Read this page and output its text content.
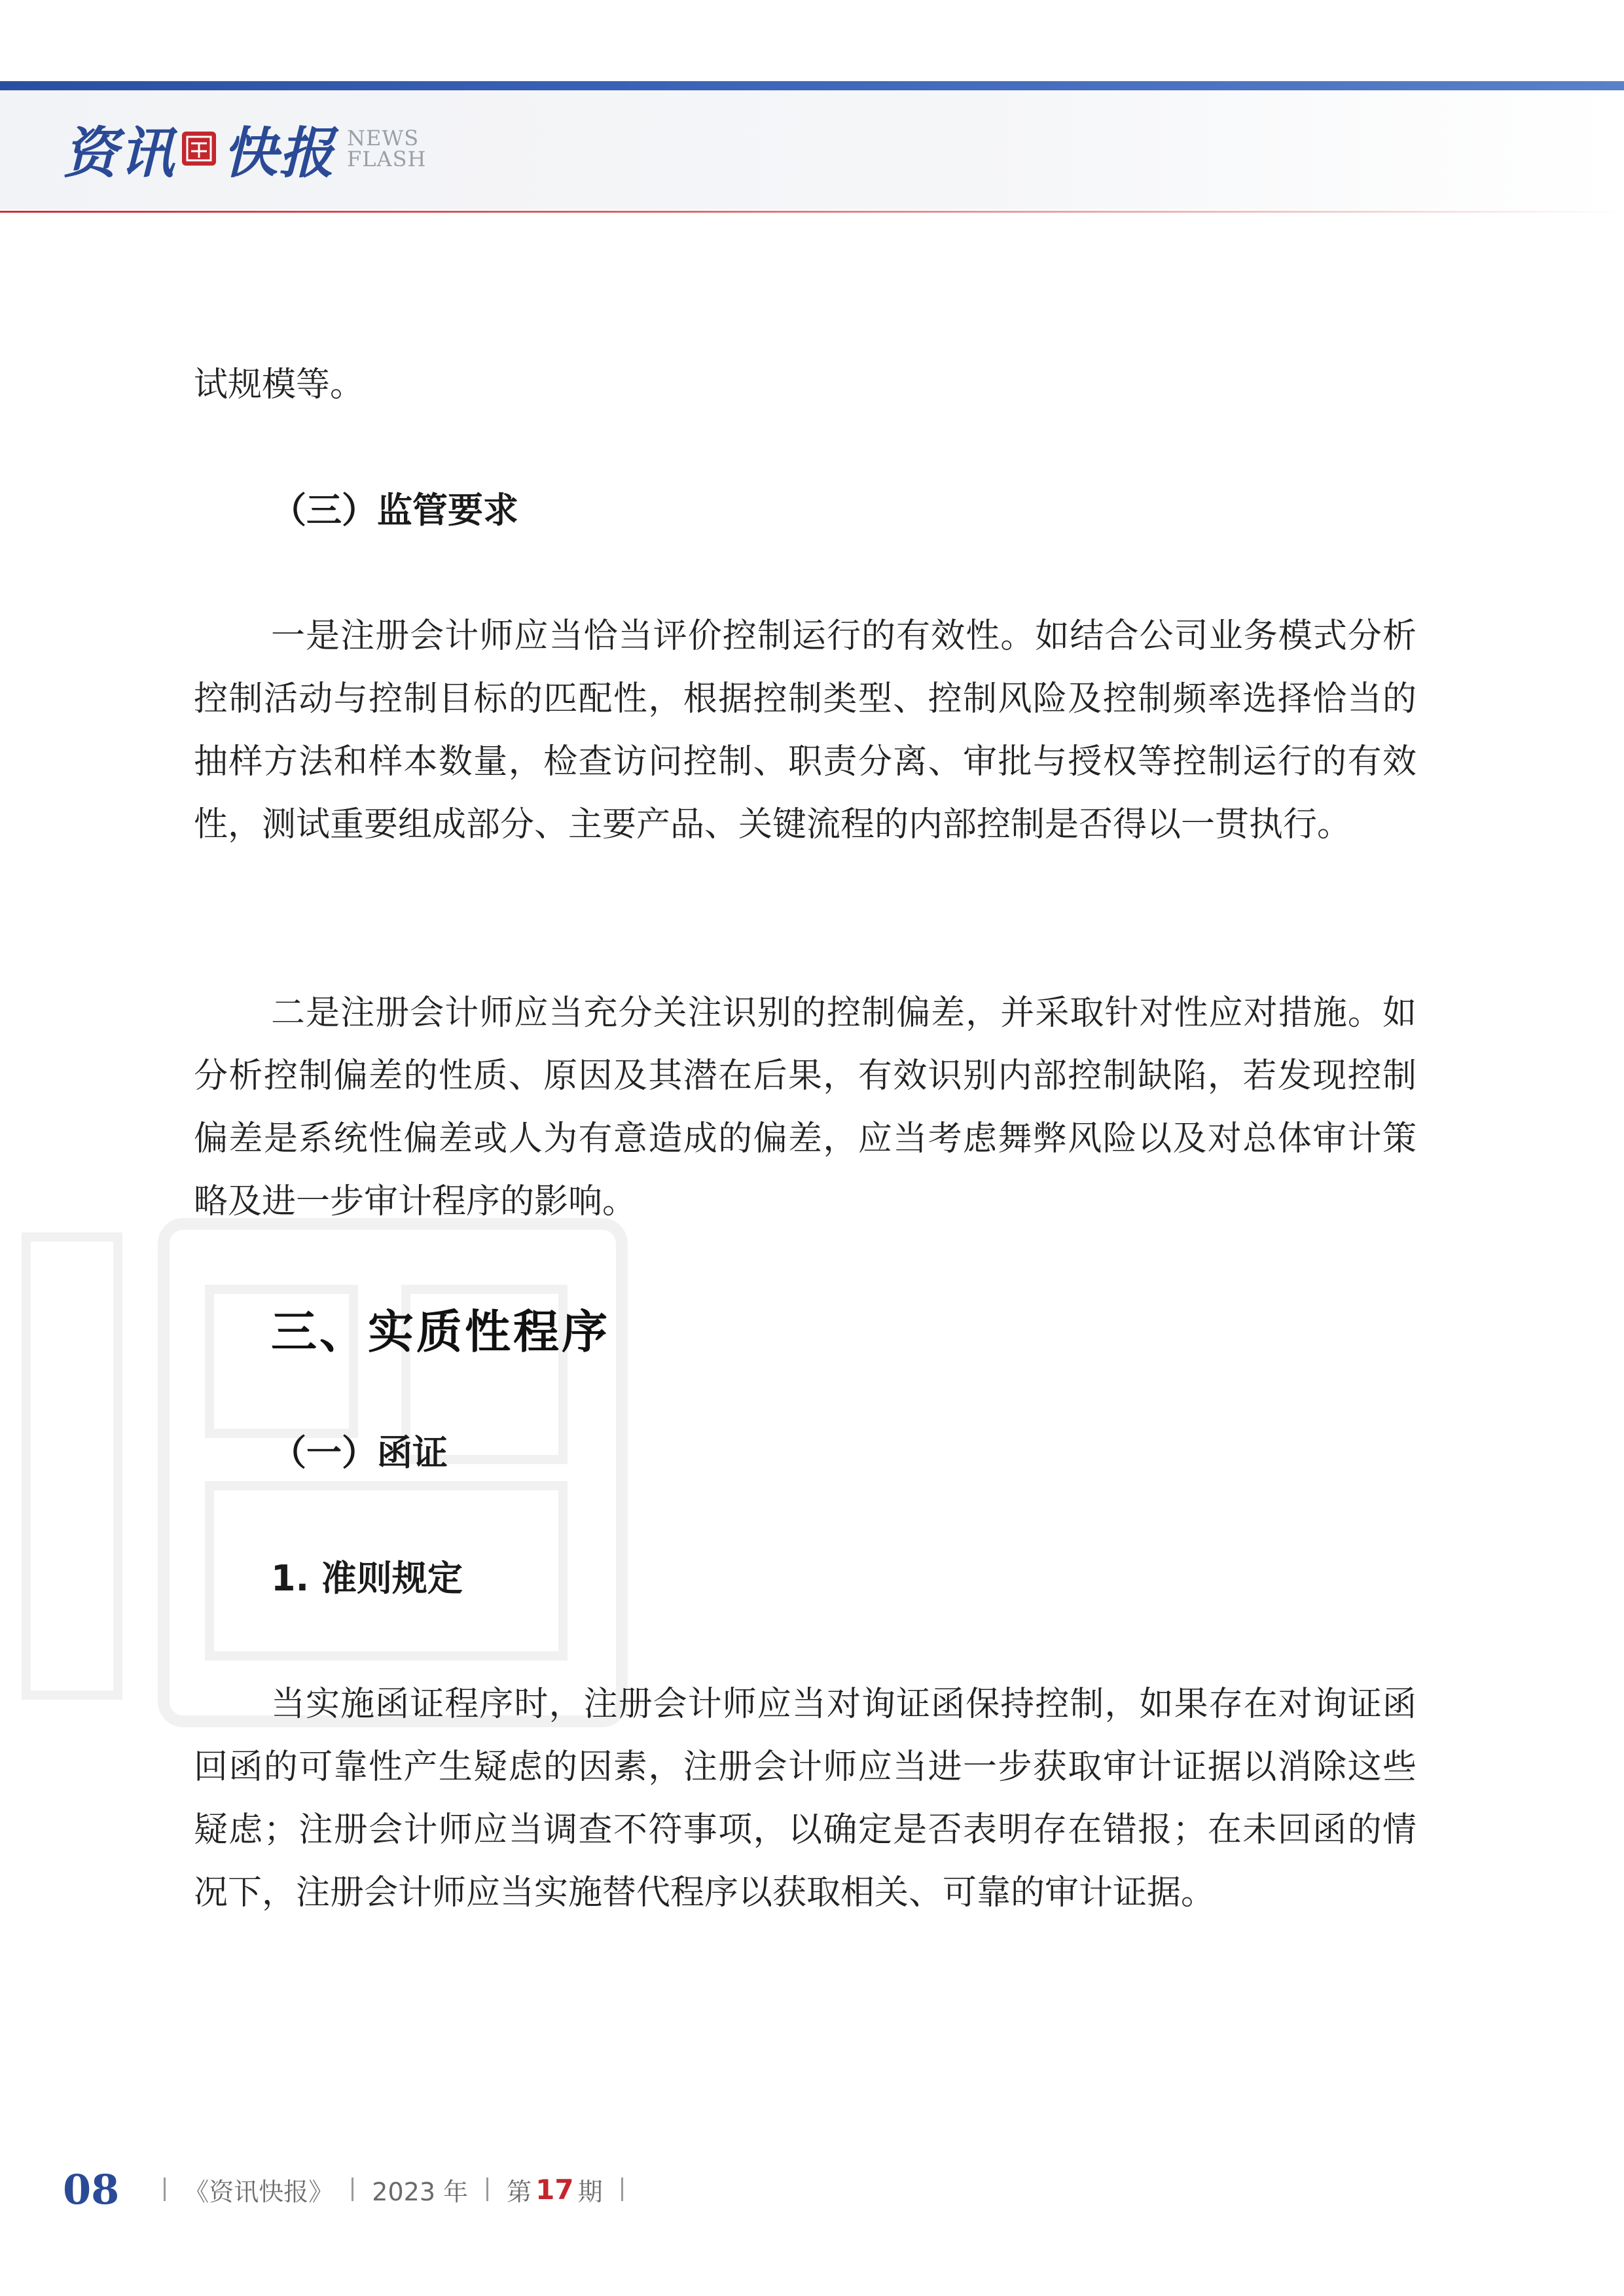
资讯 快报 NEWS
FLASH
试规模等。
（三）监管要求
一是注册会计师应当恰当评价控制运行的有效性。如结合公司业务模式分析控制活动与控制目标的匹配性，根据控制类型、控制风险及控制频率选择恰当的抽样方法和样本数量，检查访问控制、职责分离、审批与授权等控制运行的有效性，测试重要组成部分、主要产品、关键流程的内部控制是否得以一贯执行。
二是注册会计师应当充分关注识别的控制偏差，并采取针对性应对措施。如分析控制偏差的性质、原因及其潜在后果，有效识别内部控制缺陷，若发现控制偏差是系统性偏差或人为有意造成的偏差，应当考虑舞弊风险以及对总体审计策略及进一步审计程序的影响。
三、实质性程序
（一）函证
1. 准则规定
当实施函证程序时，注册会计师应当对询证函保持控制，如果存在对询证函回函的可靠性产生疑虑的因素，注册会计师应当进一步获取审计证据以消除这些疑虑；注册会计师应当调查不符事项，以确定是否表明存在错报；在未回函的情况下，注册会计师应当实施替代程序以获取相关、可靠的审计证据。
08	《资讯快报》 2023 年 第 17 期
